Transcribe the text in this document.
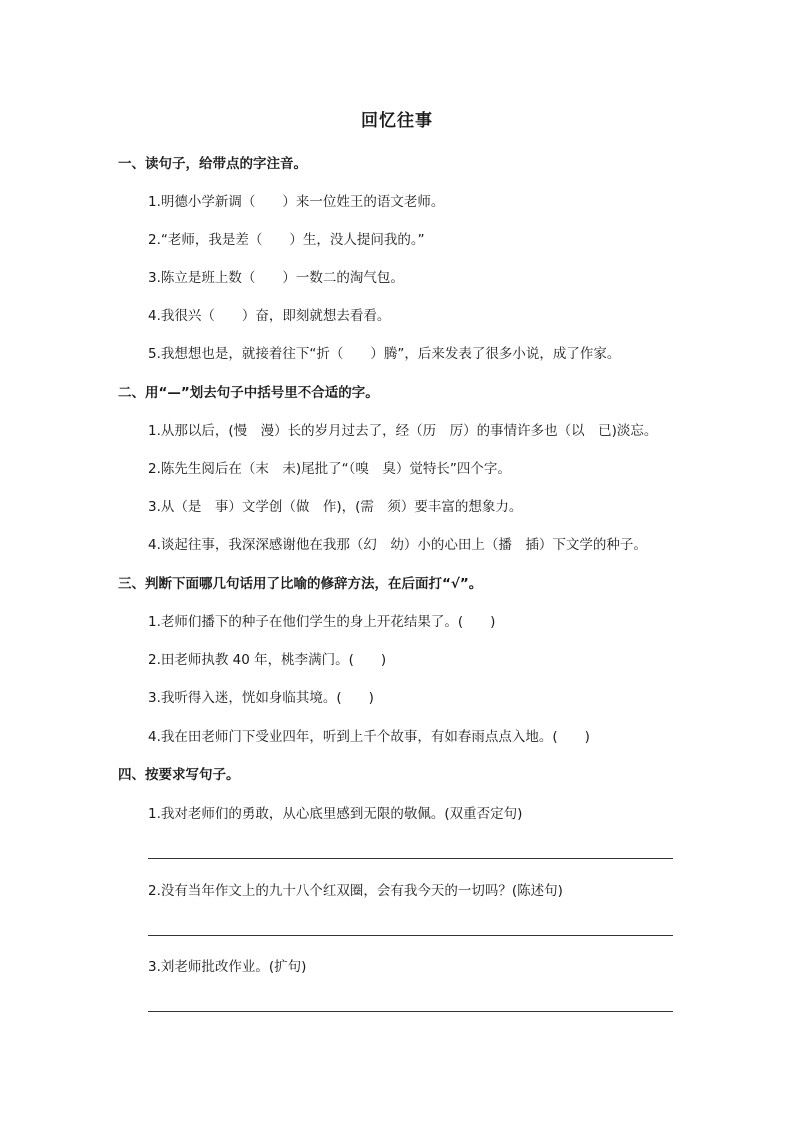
回忆往事
一、读句子，给带点的字注音。
1.明德小学新调（　　）来一位姓王的语文老师。
2.“老师，我是差（　　）生，没人提问我的。”
3.陈立是班上数（　　）一数二的淘气包。
4.我很兴（　　）奋，即刻就想去看看。
5.我想想也是，就接着往下“折（　　）腾”，后来发表了很多小说，成了作家。
二、用“—”划去句子中括号里不合适的字。
1.从那以后，(慢　漫）长的岁月过去了，经（历　厉）的事情许多也（以　已)淡忘。
2.陈先生阅后在（末　未)尾批了“（嗅　臭）觉特长”四个字。
3.从（是　事）文学创（做　作)，(需　须）要丰富的想象力。
4.谈起往事，我深深感谢他在我那（幻　幼）小的心田上（播　插）下文学的种子。
三、判断下面哪几句话用了比喻的修辞方法，在后面打“√”。
1.老师们播下的种子在他们学生的身上开花结果了。(　　)
2.田老师执教 40 年，桃李满门。(　　)
3.我听得入迷，恍如身临其境。(　　)
4.我在田老师门下受业四年，听到上千个故事，有如春雨点点入地。(　　)
四、按要求写句子。
1.我对老师们的勇敢，从心底里感到无限的敬佩。(双重否定句)
2.没有当年作文上的九十八个红双圈，会有我今天的一切吗？(陈述句)
3.刘老师批改作业。(扩句)
